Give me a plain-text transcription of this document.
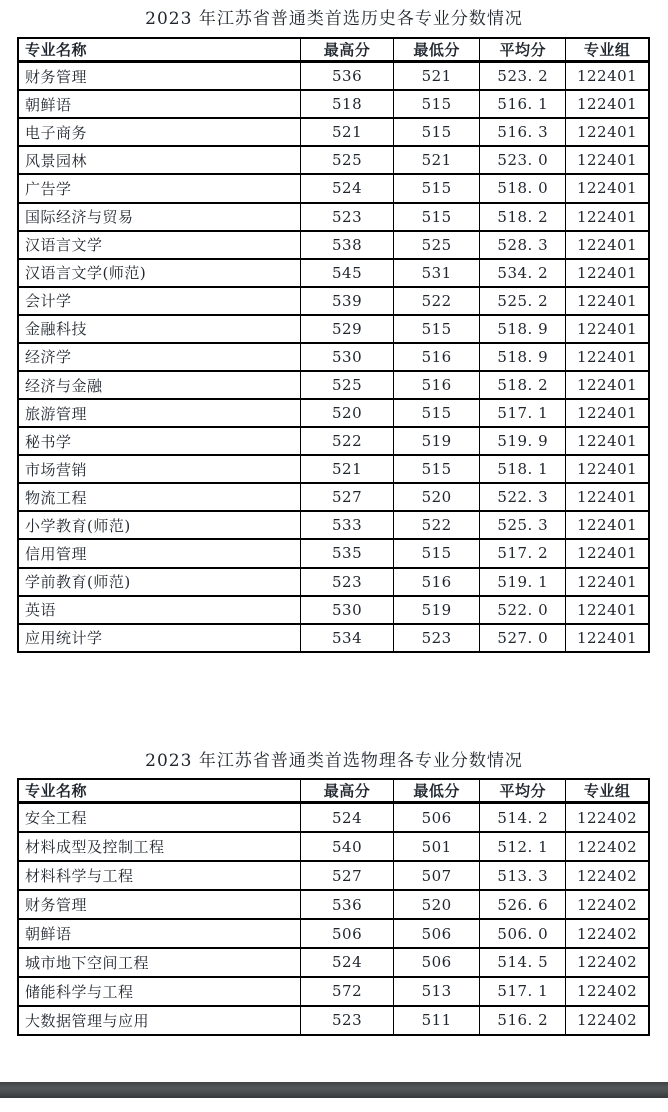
2023 年江苏省普通类首选历史各专业分数情况
专业名称	最高分	最低分	平均分	专业组
财务管理	536	521	523. 2	122401
朝鲜语	518	515	516. 1	122401
电子商务	521	515	516. 3	122401
风景园林	525	521	523. 0	122401
广告学	524	515	518. 0	122401
国际经济与贸易	523	515	518. 2	122401
汉语言文学	538	525	528. 3	122401
汉语言文学(师范)	545	531	534. 2	122401
会计学	539	522	525. 2	122401
金融科技	529	515	518. 9	122401
经济学	530	516	518. 9	122401
经济与金融	525	516	518. 2	122401
旅游管理	520	515	517. 1	122401
秘书学	522	519	519. 9	122401
市场营销	521	515	518. 1	122401
物流工程	527	520	522. 3	122401
小学教育(师范)	533	522	525. 3	122401
信用管理	535	515	517. 2	122401
学前教育(师范)	523	516	519. 1	122401
英语	530	519	522. 0	122401
应用统计学	534	523	527. 0	122401
2023 年江苏省普通类首选物理各专业分数情况
专业名称	最高分	最低分	平均分	专业组
安全工程	524	506	514. 2	122402
材料成型及控制工程	540	501	512. 1	122402
材料科学与工程	527	507	513. 3	122402
财务管理	536	520	526. 6	122402
朝鲜语	506	506	506. 0	122402
城市地下空间工程	524	506	514. 5	122402
储能科学与工程	572	513	517. 1	122402
大数据管理与应用	523	511	516. 2	122402
